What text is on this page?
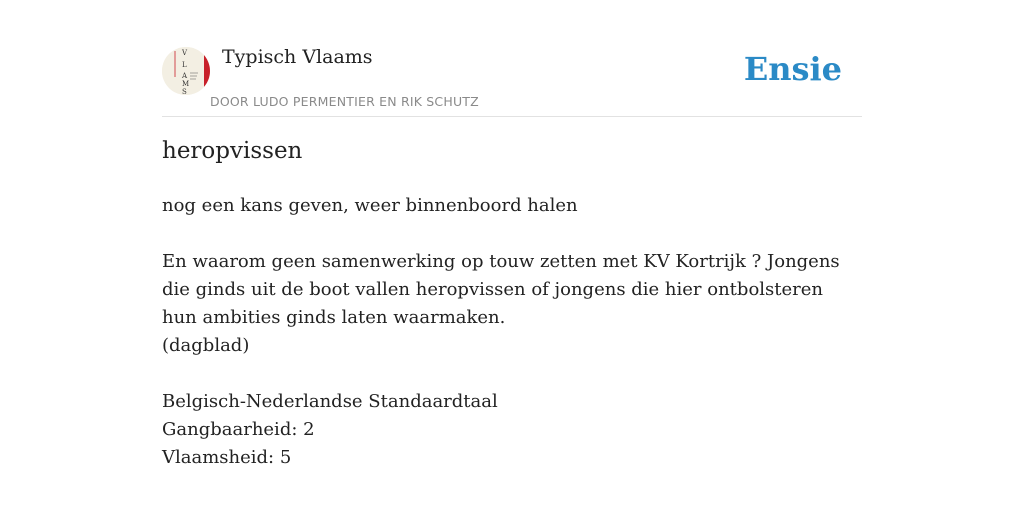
V
L
A
M
S
Typisch Vlaams
DOOR LUDO PERMENTIER EN RIK SCHUTZ
Ensie
heropvissen

nog een kans geven, weer binnenboord halen

En waarom geen samenwerking op touw zetten met KV Kortrijk ? Jongens die ginds uit de boot vallen heropvissen of jongens die hier ontbolsteren hun ambities ginds laten waarmaken.

(dagblad)

Belgisch-Nederlandse Standaardtaal

Gangbaarheid: 2

Vlaamsheid: 5
